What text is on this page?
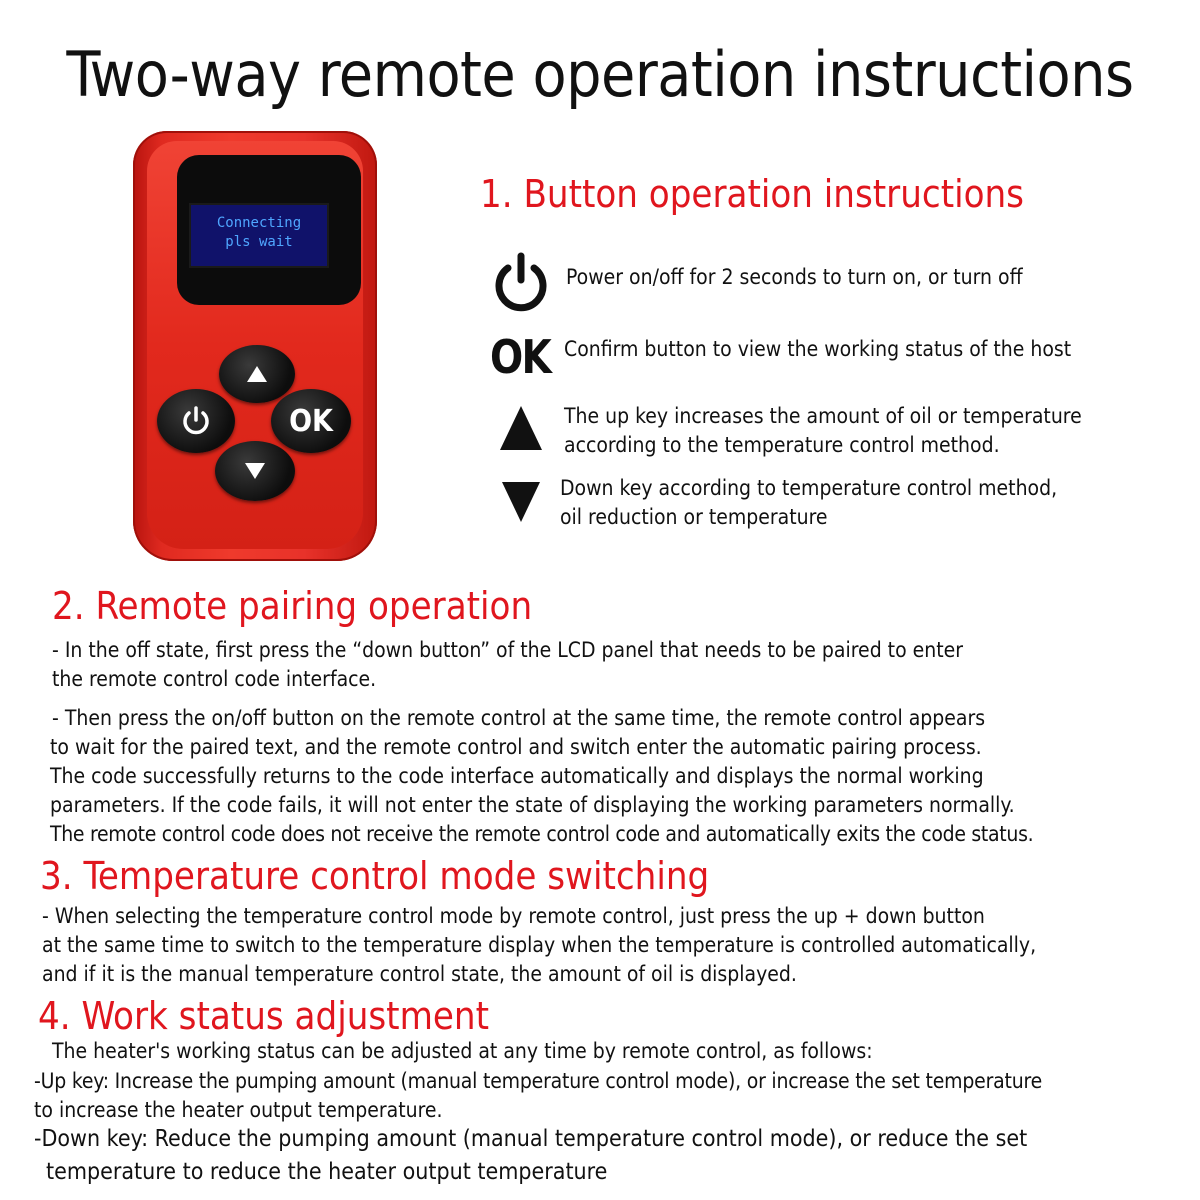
Two-way remote operation instructions
Connecting
pls wait
OK
1. Button operation instructions
Power on/off for 2 seconds to turn on, or turn off
OK Confirm button to view the working status of the host
The up key increases the amount of oil or temperature
according to the temperature control method.
Down key according to temperature control method,
oil reduction or temperature
2. Remote pairing operation
- In the off state, first press the “down button” of the LCD panel that needs to be paired to enter
the remote control code interface.
- Then press the on/off button on the remote control at the same time, the remote control appears
to wait for the paired text, and the remote control and switch enter the automatic pairing process.
The code successfully returns to the code interface automatically and displays the normal working
parameters. If the code fails, it will not enter the state of displaying the working parameters normally.
The remote control code does not receive the remote control code and automatically exits the code status.
3. Temperature control mode switching
- When selecting the temperature control mode by remote control, just press the up + down button
at the same time to switch to the temperature display when the temperature is controlled automatically,
and if it is the manual temperature control state, the amount of oil is displayed.
4. Work status adjustment
The heater's working status can be adjusted at any time by remote control, as follows:
-Up key: Increase the pumping amount (manual temperature control mode), or increase the set temperature
to increase the heater output temperature.
-Down key: Reduce the pumping amount (manual temperature control mode), or reduce the set
temperature to reduce the heater output temperature
